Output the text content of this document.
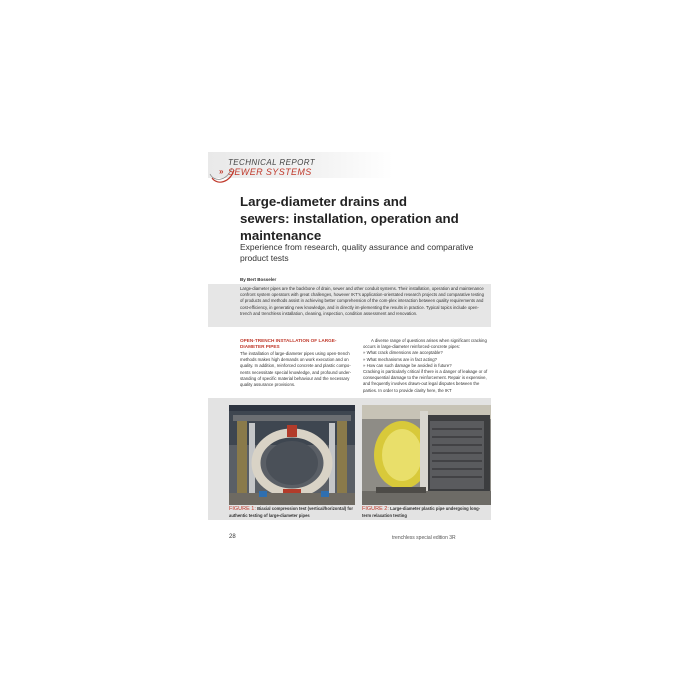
TECHNICAL REPORT
» SEWER SYSTEMS
Large-diameter drains and sewers: installation, operation and maintenance
Experience from research, quality assurance and comparative product tests
By Bert Bosseler
Large-diameter pipes are the backbone of drain, sewer and other conduit systems. Their installation, operation and maintenance confront system operators with great challenges, however IKT's application-orientated research projects and comparative testing of products and methods assist in achieving better comprehension of the com-plex interaction between quality requirements and cost-efficiency, in generating new knowledge, and in directly im-plementing the results in practice. Typical topics include open-trench and trenchless installation, cleaning, inspection, condition assessment and renovation.
OPEN-TRENCH INSTALLATION OF LARGE-DIAMETER PIPES
The installation of large-diameter pipes using open-trench methods makes high demands on work execution and on quality. In addition, reinforced concrete and plastic compo-nents necessitate special knowledge, and profound under-standing of specific material behaviour and the necessary quality assurance provisions.

A diverse range of questions arises when significant cracking occurs in large-diameter reinforced-concrete pipes:

» What crack dimensions are acceptable?

» What mechanisms are in fact acting?

» How can such damage be avoided in future?

Cracking is particularly critical if there is a danger of leakage or of consequential damage to the reinforcement. Repair is expensive, and frequently involves drawn-out legal disputes between the parties. In order to provide clarity here, the IKT

FIGURE 1: Biaxial compression test (vertical/horizontal) for authentic testing of large-diameter pipes
FIGURE 2: Large-diameter plastic pipe undergoing long-term relaxation testing
28	trenchless special edition 3R
